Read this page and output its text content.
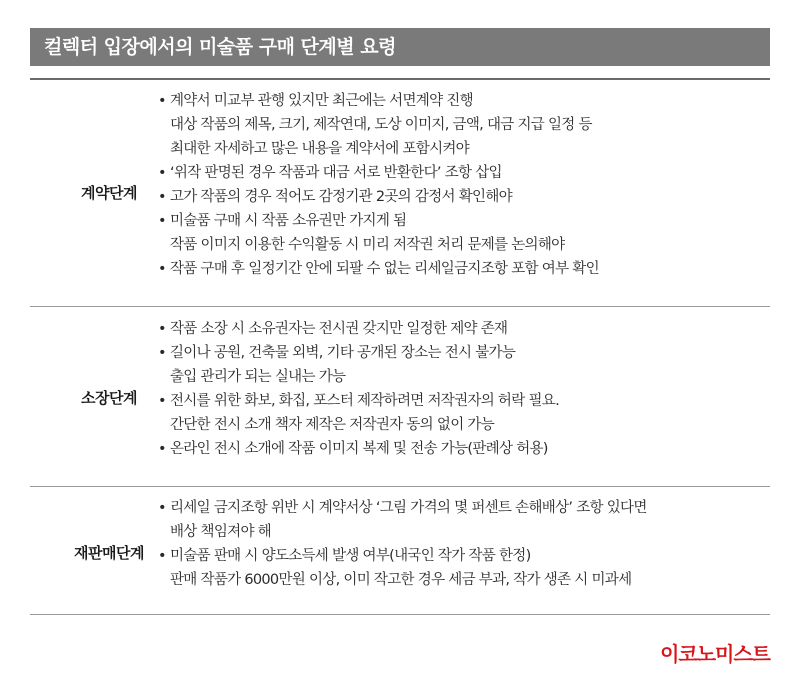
컬렉터 입장에서의 미술품 구매 단계별 요령
계약단계
• 계약서 미교부 관행 있지만 최근에는 서면계약 진행
대상 작품의 제목, 크기, 제작연대, 도상 이미지, 금액, 대금 지급 일정 등
최대한 자세하고 많은 내용을 계약서에 포함시켜야
• ‘위작 판명된 경우 작품과 대금 서로 반환한다’ 조항 삽입
• 고가 작품의 경우 적어도 감정기관 2곳의 감정서 확인해야
• 미술품 구매 시 작품 소유권만 가지게 됨
작품 이미지 이용한 수익활동 시 미리 저작권 처리 문제를 논의해야
• 작품 구매 후 일정기간 안에 되팔 수 없는 리세일금지조항 포함 여부 확인
소장단계
• 작품 소장 시 소유권자는 전시권 갖지만 일정한 제약 존재
• 길이나 공원, 건축물 외벽, 기타 공개된 장소는 전시 불가능
출입 관리가 되는 실내는 가능
• 전시를 위한 화보, 화집, 포스터 제작하려면 저작권자의 허락 필요.
간단한 전시 소개 책자 제작은 저작권자 동의 없이 가능
• 온라인 전시 소개에 작품 이미지 복제 및 전송 가능(판례상 허용)
재판매단계
• 리세일 금지조항 위반 시 계약서상 ‘그림 가격의 몇 퍼센트 손해배상’ 조항 있다면
배상 책임져야 해
• 미술품 판매 시 양도소득세 발생 여부(내국인 작가 작품 한정)
판매 작품가 6000만원 이상, 이미 작고한 경우 세금 부과, 작가 생존 시 미과세
이코노미스트
